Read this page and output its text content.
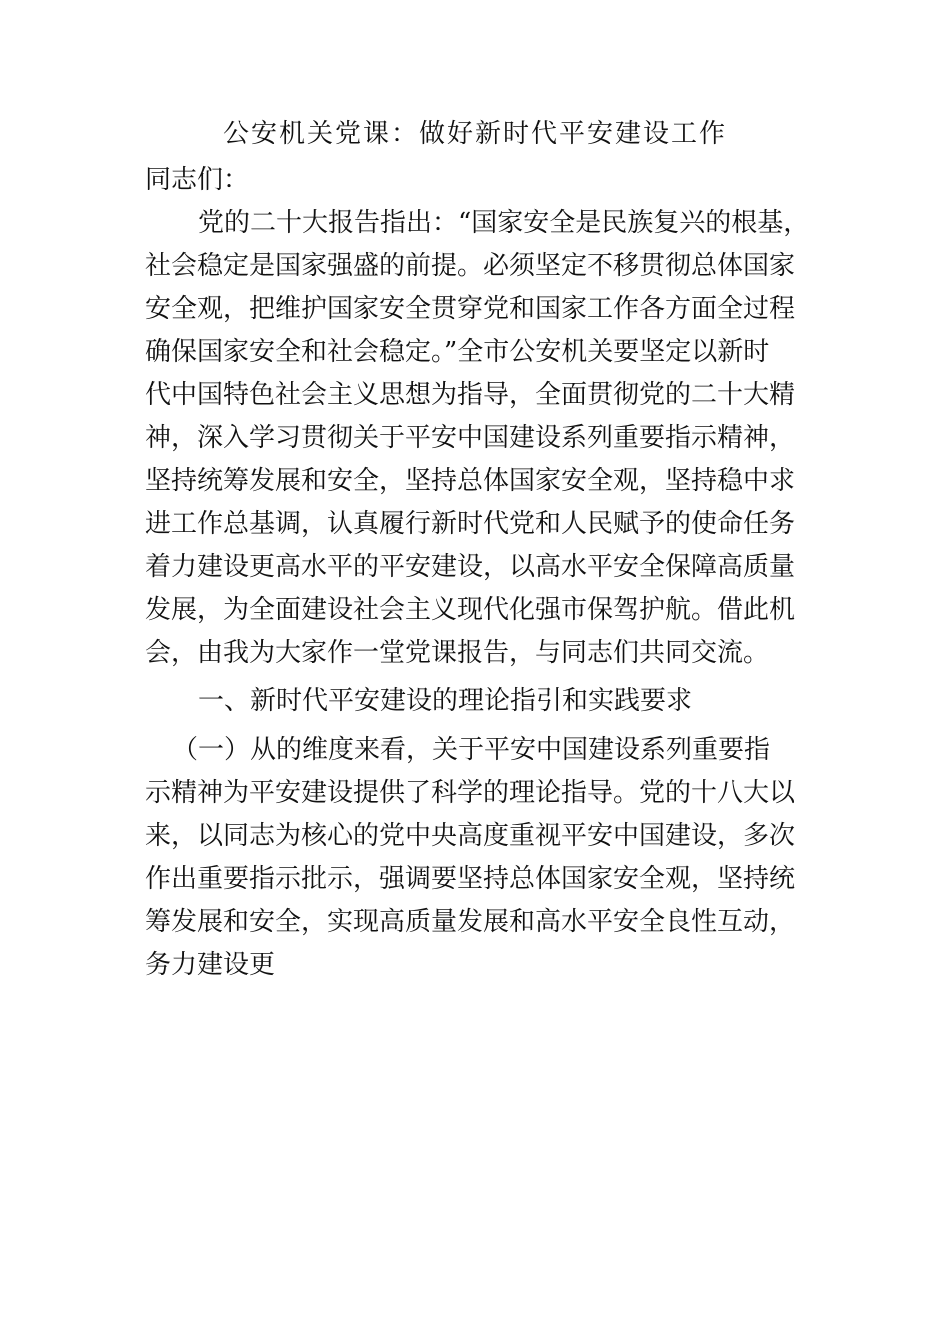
公安机关党课：做好新时代平安建设工作
同志们：
党的二十大报告指出：“国家安全是民族复兴的根基，
社会稳定是国家强盛的前提。必须坚定不移贯彻总体国家
安全观，把维护国家安全贯穿党和国家工作各方面全过程
确保国家安全和社会稳定。”全市公安机关要坚定以新时
代中国特色社会主义思想为指导，全面贯彻党的二十大精
神，深入学习贯彻关于平安中国建设系列重要指示精神，
坚持统筹发展和安全，坚持总体国家安全观，坚持稳中求
进工作总基调，认真履行新时代党和人民赋予的使命任务
着力建设更高水平的平安建设，以高水平安全保障高质量
发展，为全面建设社会主义现代化强市保驾护航。借此机
会，由我为大家作一堂党课报告，与同志们共同交流。
一、新时代平安建设的理论指引和实践要求
（一）从的维度来看，关于平安中国建设系列重要指
示精神为平安建设提供了科学的理论指导。党的十八大以
来，以同志为核心的党中央高度重视平安中国建设，多次
作出重要指示批示，强调要坚持总体国家安全观，坚持统
筹发展和安全，实现高质量发展和高水平安全良性互动，
务力建设更
